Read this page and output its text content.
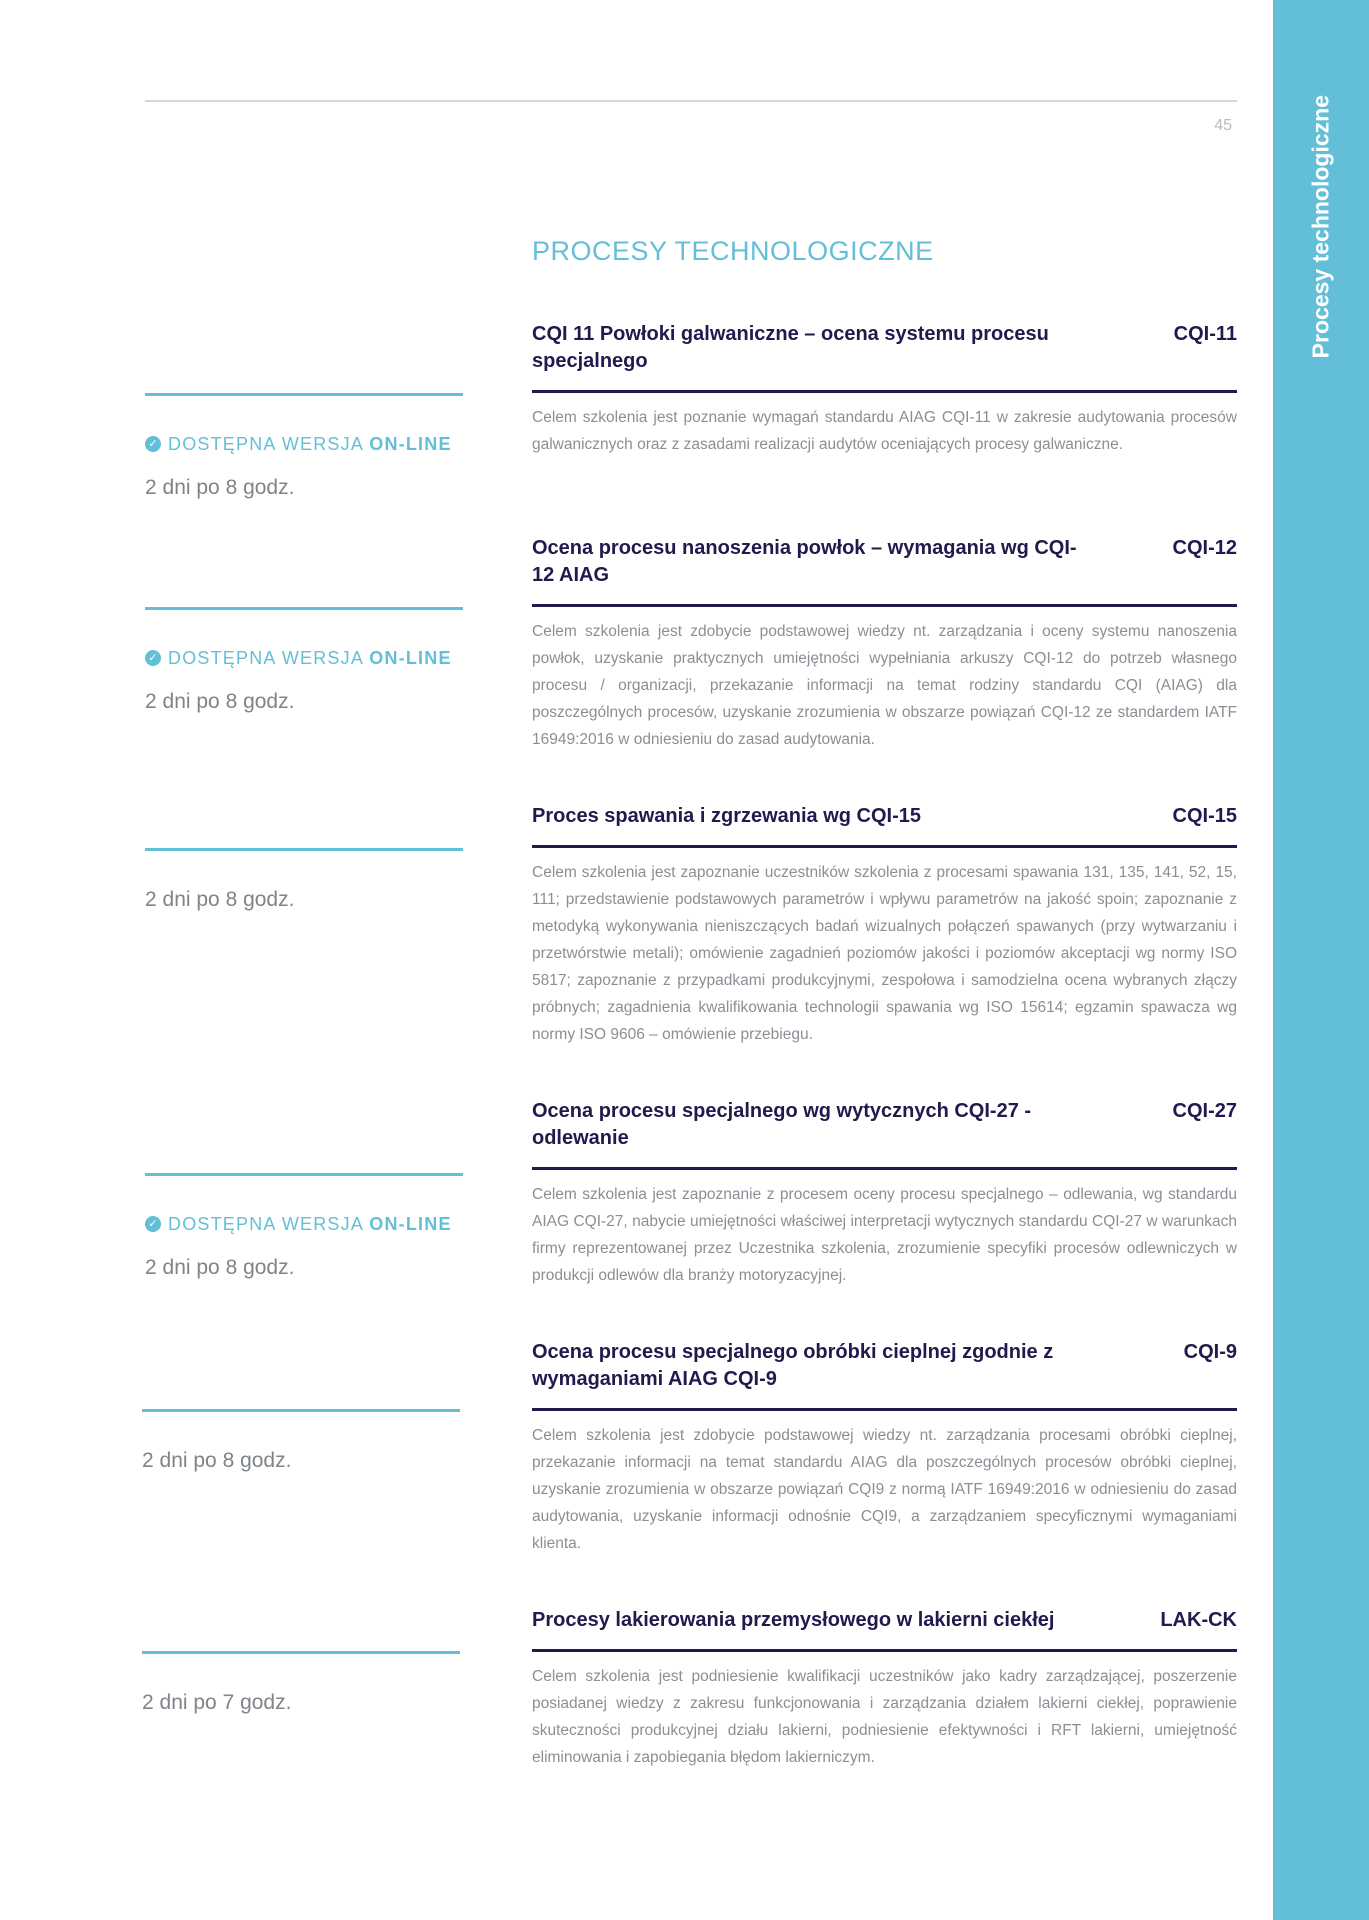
45	Procesy technologiczne
PROCESY TECHNOLOGICZNE
✓ DOSTĘPNA WERSJA ON-LINE
2 dni po 8 godz.
CQI 11 Powłoki galwaniczne – ocena systemu procesu specjalnego
CQI-11
Celem szkolenia jest poznanie wymagań standardu AIAG CQI-11 w zakresie audytowania procesów galwanicznych oraz z zasadami realizacji audytów oceniających procesy galwaniczne.
✓ DOSTĘPNA WERSJA ON-LINE
2 dni po 8 godz.
Ocena procesu nanoszenia powłok – wymagania wg CQI-12 AIAG
CQI-12
Celem szkolenia jest zdobycie podstawowej wiedzy nt. zarządzania i oceny systemu nanoszenia powłok, uzyskanie praktycznych umiejętności wypełniania arkuszy CQI-12 do potrzeb własnego procesu / organizacji, przekazanie informacji na temat rodziny standardu CQI (AIAG) dla poszczególnych procesów, uzyskanie zrozumienia w obszarze powiązań CQI-12 ze standardem IATF 16949:2016 w odniesieniu do zasad audytowania.
2 dni po 8 godz.
Proces spawania i zgrzewania wg CQI-15	CQI-15
Celem szkolenia jest zapoznanie uczestników szkolenia z procesami spawania 131, 135, 141, 52, 15, 111; przedstawienie podstawowych parametrów i wpływu parametrów na jakość spoin; zapoznanie z metodyką wykonywania nieniszczących badań wizualnych połączeń spawanych (przy wytwarzaniu i przetwórstwie metali); omówienie zagadnień poziomów jakości i poziomów akceptacji wg normy ISO 5817; zapoznanie z przypadkami produkcyjnymi, zespołowa i samodzielna ocena wybranych złączy próbnych; zagadnienia kwalifikowania technologii spawania wg ISO 15614; egzamin spawacza wg normy ISO 9606 – omówienie przebiegu.
✓ DOSTĘPNA WERSJA ON-LINE
2 dni po 8 godz.
Ocena procesu specjalnego wg wytycznych CQI-27 - odlewanie
CQI-27
Celem szkolenia jest zapoznanie z procesem oceny procesu specjalnego – odlewania, wg standardu AIAG CQI-27, nabycie umiejętności właściwej interpretacji wytycznych standardu CQI-27 w warunkach firmy reprezentowanej przez Uczestnika szkolenia, zrozumienie specyfiki procesów odlewniczych w produkcji odlewów dla branży motoryzacyjnej.
2 dni po 8 godz.
Ocena procesu specjalnego obróbki cieplnej zgodnie z wymaganiami AIAG CQI-9
CQI-9
Celem szkolenia jest zdobycie podstawowej wiedzy nt. zarządzania procesami obróbki cieplnej, przekazanie informacji na temat standardu AIAG dla poszczególnych procesów obróbki cieplnej, uzyskanie zrozumienia w obszarze powiązań CQI9 z normą IATF 16949:2016 w odniesieniu do zasad audytowania, uzyskanie informacji odnośnie CQI9, a zarządzaniem specyficznymi wymaganiami klienta.
2 dni po 7 godz.
Procesy lakierowania przemysłowego w lakierni ciekłej	LAK-CK
Celem szkolenia jest podniesienie kwalifikacji uczestników jako kadry zarządzającej, poszerzenie posiadanej wiedzy z zakresu funkcjonowania i zarządzania działem lakierni ciekłej, poprawienie skuteczności produkcyjnej działu lakierni, podniesienie efektywności i RFT lakierni, umiejętność eliminowania i zapobiegania błędom lakierniczym.
